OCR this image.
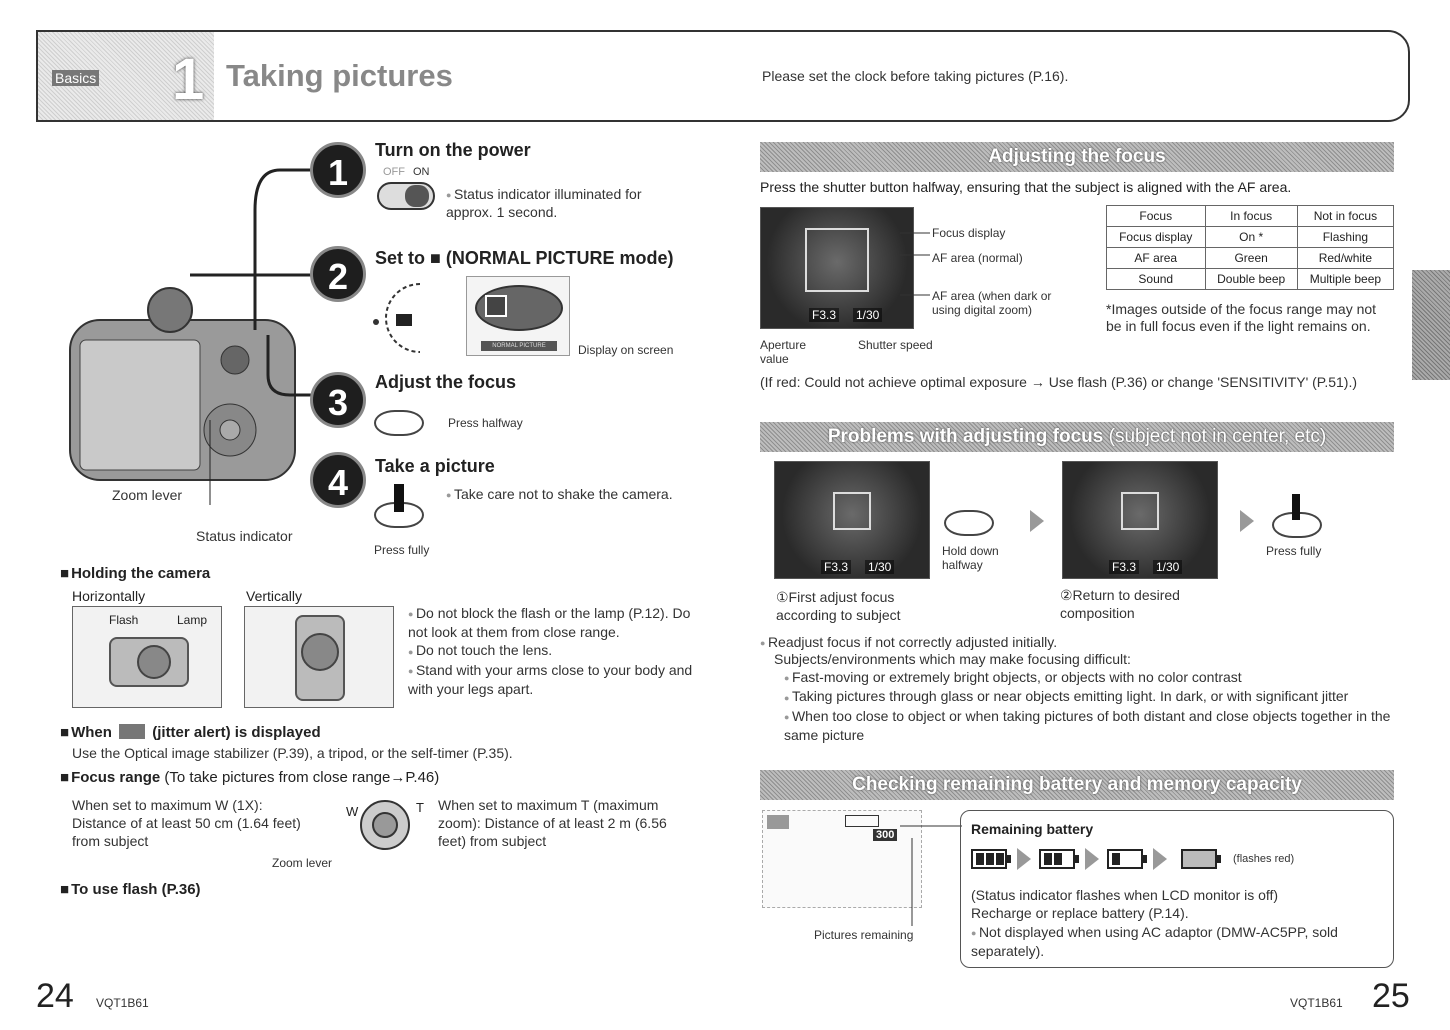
Basics 1 Taking pictures	Please set the clock before taking pictures (P.16).
Zoom lever
Status indicator
1
Turn on the power
OFF ON
● Status indicator illuminated for approx. 1 second.
2	Set to ■ (NORMAL PICTURE mode)
NORMAL PICTURE	Display on screen
3	Adjust the focus
Press halfway
4	Take a picture
● Take care not to shake the camera.
Press fully
■ Holding the camera
Horizontally	Vertically
Flash	Lamp	● Do not block the flash or the lamp (P.12). Do not look at them from close range.
● Do not touch the lens.
● Stand with your arms close to your body and with your legs apart.
■ When	(jitter alert) is displayed
Use the Optical image stabilizer (P.39), a tripod, or the self-timer (P.35).
■ Focus range (To take pictures from close range→P.46)
When set to maximum W (1X): Distance of at least 50 cm (1.64 feet) from subject
W	T
Zoom lever
When set to maximum T (maximum zoom): Distance of at least 2 m (6.56 feet) from subject
■ To use flash (P.36)
24 VQT1B61
Adjusting the focus
Press the shutter button halfway, ensuring that the subject is aligned with the AF area.
F3.3 1/30
Focus display
AF area (normal)
AF area (when dark or using digital zoom)
Aperture value
Shutter speed
Focus	In focus	Not in focus
Focus display	On *	Flashing
AF area	Green	Red/white
Sound	Double beep	Multiple beep
*Images outside of the focus range may not be in full focus even if the light remains on.
(If red: Could not achieve optimal exposure → Use flash (P.36) or change 'SENSITIVITY' (P.51).)
Problems with adjusting focus (subject not in center, etc)
F3.3 1/30
①First adjust focus according to subject
Hold down halfway	F3.3 1/30
②Return to desired composition
Press fully
● Readjust focus if not correctly adjusted initially.
Subjects/environments which may make focusing difficult:
● Fast-moving or extremely bright objects, or objects with no color contrast
● Taking pictures through glass or near objects emitting light. In dark, or with significant jitter
● When too close to object or when taking pictures of both distant and close objects together in the same picture
Checking remaining battery and memory capacity
300
Pictures remaining
Remaining battery
(flashes red)
(Status indicator flashes when LCD monitor is off)
Recharge or replace battery (P.14).
● Not displayed when using AC adaptor (DMW-AC5PP, sold separately).
VQT1B61 25
